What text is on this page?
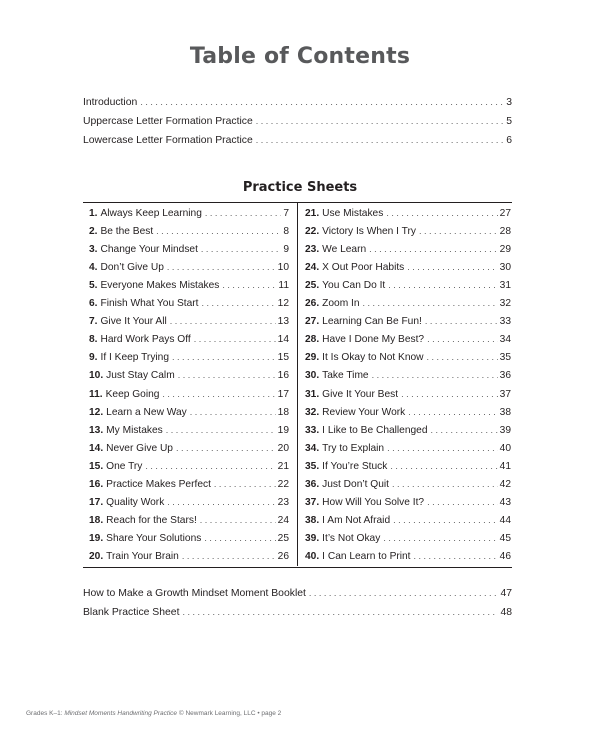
Table of Contents
Introduction . . .	3
Uppercase Letter Formation Practice . . .	5
Lowercase Letter Formation Practice . . .	6
Practice Sheets
1. Always Keep Learning . . .	7
2. Be the Best . . .	8
3. Change Your Mindset . . .	9
4. Don’t Give Up . . .	10
5. Everyone Makes Mistakes . . .	11
6. Finish What You Start . . .	12
7. Give It Your All . . .	13
8. Hard Work Pays Off . . .	14
9. If I Keep Trying . . .	15
10. Just Stay Calm . . .	16
11. Keep Going . . .	17
12. Learn a New Way . . .	18
13. My Mistakes . . .	19
14. Never Give Up . . .	20
15. One Try . . .	21
16. Practice Makes Perfect . . .	22
17. Quality Work . . .	23
18. Reach for the Stars! . . .	24
19. Share Your Solutions . . .	25
20. Train Your Brain . . .	26
21. Use Mistakes . . .	27
22. Victory Is When I Try . . .	28
23. We Learn . . .	29
24. X Out Poor Habits . . .	30
25. You Can Do It . . .	31
26. Zoom In . . .	32
27. Learning Can Be Fun! . . .	33
28. Have I Done My Best? . . .	34
29. It Is Okay to Not Know . . .	35
30. Take Time . . .	36
31. Give It Your Best . . .	37
32. Review Your Work . . .	38
33. I Like to Be Challenged . . .	39
34. Try to Explain . . .	40
35. If You’re Stuck . . .	41
36. Just Don’t Quit . . .	42
37. How Will You Solve It? . . .	43
38. I Am Not Afraid . . .	44
39. It’s Not Okay . . .	45
40. I Can Learn to Print . . .	46
How to Make a Growth Mindset Moment Booklet . . .	47
Blank Practice Sheet . . .	48
Grades K–1: Mindset Moments Handwriting Practice © Newmark Learning, LLC • page 2
